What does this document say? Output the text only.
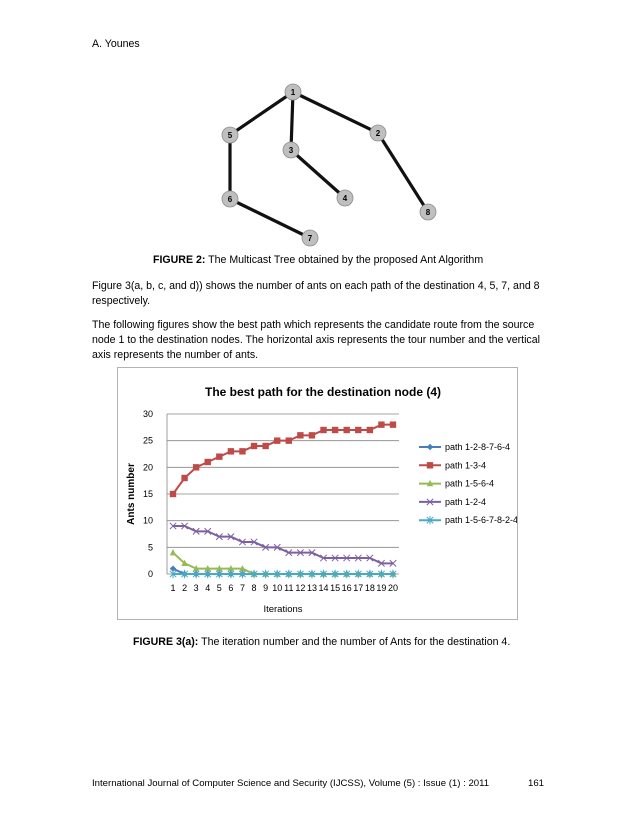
A. Younes
1
5	2
3
6	4
8
7
FIGURE 2: The Multicast Tree obtained by the proposed Ant Algorithm
Figure 3(a, b, c, and d)) shows the number of ants on each path of the destination 4, 5, 7, and 8 respectively.
The following figures show the best path which represents the candidate route from the source node 1 to the destination nodes. The horizontal axis represents the tour number and the vertical axis represents the number of ants.
The best path for the destination node (4)
0
5
10
15
20
25
30
1 2 3 4 5 6 7 8 9 10 11 12 13 14 15 16 17 18 19 20
Iterations
Ants number
path 1-2-8-7-6-4
path 1-3-4
path 1-5-6-4
path 1-2-4
path 1-5-6-7-8-2-4
FIGURE 3(a): The iteration number and the number of Ants for the destination 4.
International Journal of Computer Science and Security (IJCSS), Volume (5) : Issue (1) : 2011	161
